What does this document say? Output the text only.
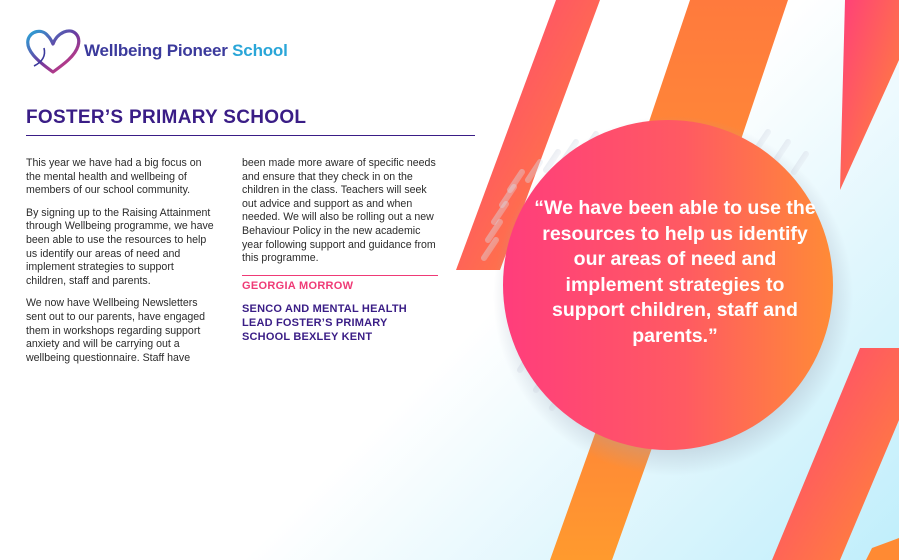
Wellbeing Pioneer School
FOSTER’S PRIMARY SCHOOL

This year we have had a big focus on the mental health and wellbeing of members of our school community.

By signing up to the Raising Attainment through Wellbeing programme, we have been able to use the resources to help us identify our areas of need and implement strategies to support children, staff and parents.

We now have Wellbeing Newsletters sent out to our parents, have engaged them in workshops regarding support anxiety and will be carrying out a wellbeing questionnaire. Staff have

been made more aware of specific needs and ensure that they check in on the children in the class. Teachers will seek out advice and support as and when needed. We will also be rolling out a new Behaviour Policy in the new academic year following support and guidance from this programme.

GEORGIA MORROW

SENCO AND MENTAL HEALTH LEAD FOSTER’S PRIMARY SCHOOL BEXLEY KENT

“We have been able to use the resources to help us identify our areas of need and implement strategies to support children, staff and parents.”
